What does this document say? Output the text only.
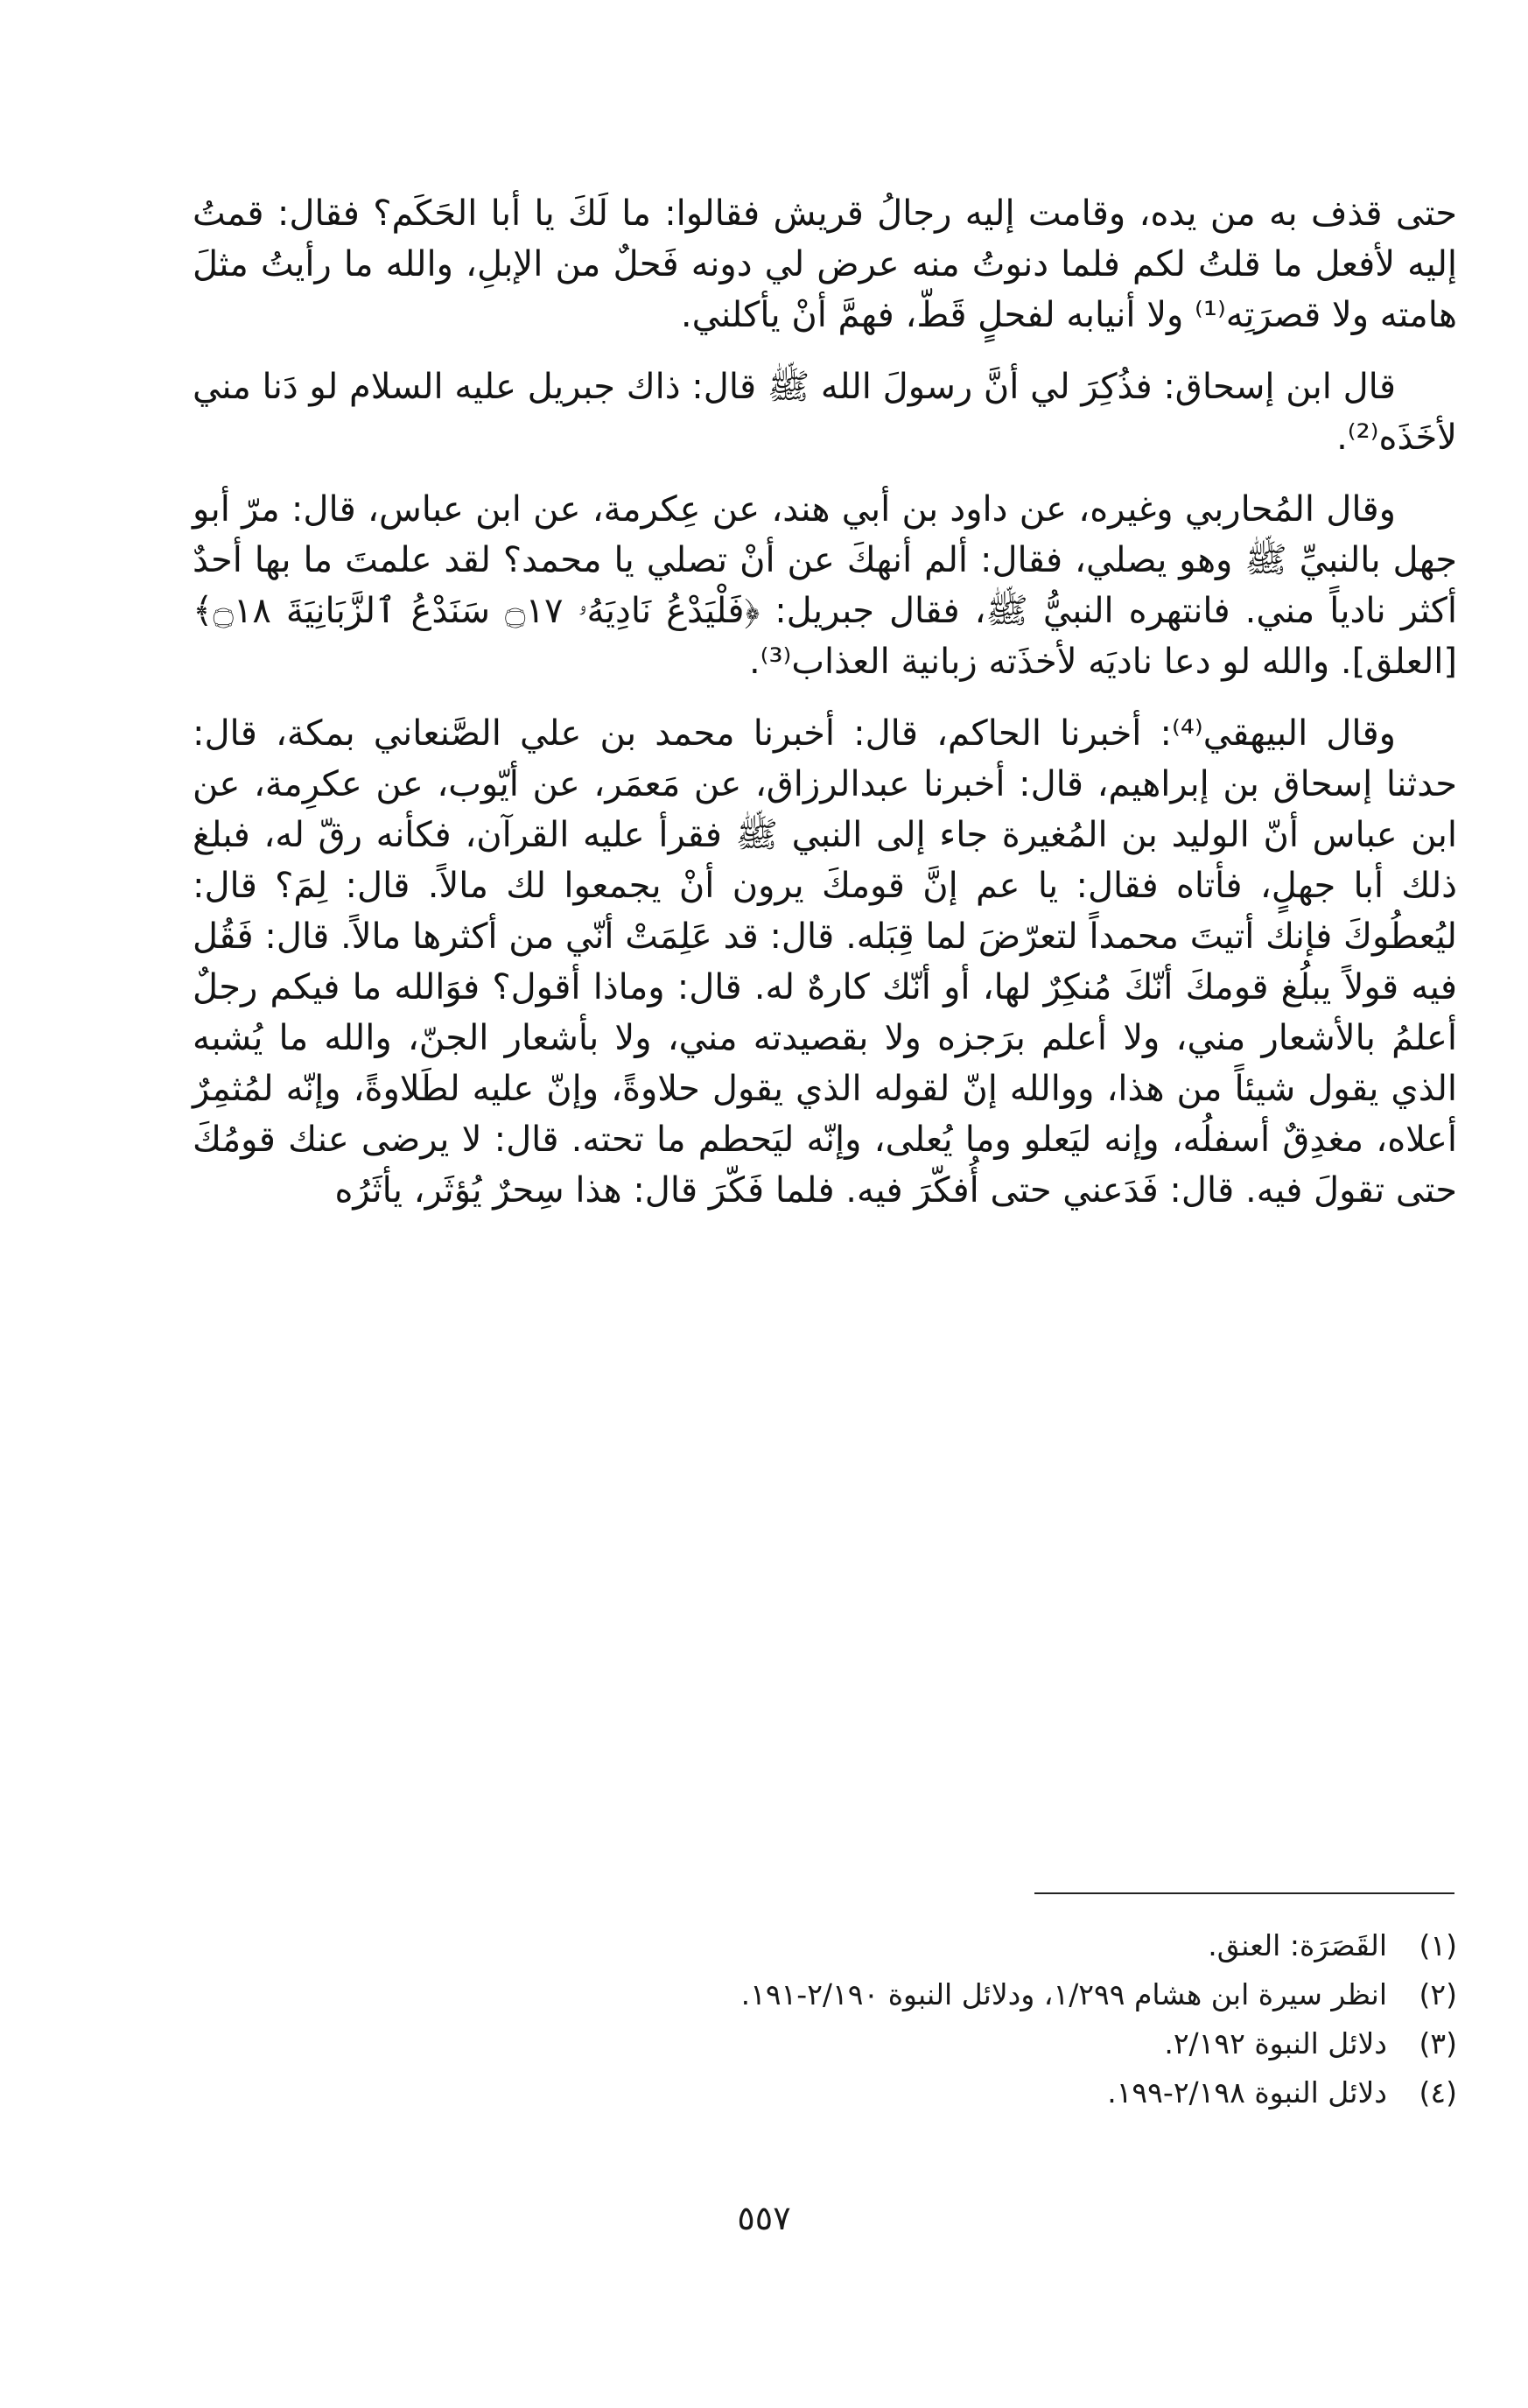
حتى قذف به من يده، وقامت إليه رجالُ قريش فقالوا: ما لَكَ يا أبا الحَكَم؟ فقال: قمتُ إليه لأفعل ما قلتُ لكم فلما دنوتُ منه عرض لي دونه فَحلٌ من الإبلِ، والله ما رأيتُ مثلَ هامته ولا قصرَتِه⁽¹⁾ ولا أنيابه لفحلٍ قَطّ، فهمَّ أنْ يأكلني.

قال ابن إسحاق: فذُكِرَ لي أنَّ رسولَ الله ﷺ قال: ذاك جبريل عليه السلام لو دَنا مني لأخَذَه⁽²⁾.

وقال المُحاربي وغيره، عن داود بن أبي هند، عن عِكرمة، عن ابن عباس، قال: مرّ أبو جهل بالنبيِّ ﷺ وهو يصلي، فقال: ألم أنهكَ عن أنْ تصلي يا محمد؟ لقد علمتَ ما بها أحدٌ أكثر نادياً مني. فانتهره النبيُّ ﷺ، فقال جبريل: ﴿فَلْيَدْعُ نَادِيَهُۥ ۝١٧ سَنَدْعُ ٱلزَّبَانِيَةَ ۝١٨﴾ [العلق]. والله لو دعا ناديَه لأخذَته زبانية العذاب⁽³⁾.

وقال البيهقي⁽⁴⁾: أخبرنا الحاكم، قال: أخبرنا محمد بن علي الصَّنعاني بمكة، قال: حدثنا إسحاق بن إبراهيم، قال: أخبرنا عبدالرزاق، عن مَعمَر، عن أيّوب، عن عكرِمة، عن ابن عباس أنّ الوليد بن المُغيرة جاء إلى النبي ﷺ فقرأ عليه القرآن، فكأنه رقّ له، فبلغ ذلك أبا جهلٍ، فأتاه فقال: يا عم إنَّ قومكَ يرون أنْ يجمعوا لك مالاً. قال: لِمَ؟ قال: ليُعطُوكَ فإنك أتيتَ محمداً لتعرّضَ لما قِبَله. قال: قد عَلِمَتْ أنّي من أكثرها مالاً. قال: فَقُل فيه قولاً يبلُغ قومكَ أنّكَ مُنكِرٌ لها، أو أنّك كارهٌ له. قال: وماذا أقول؟ فوَالله ما فيكم رجلٌ أعلمُ بالأشعار مني، ولا أعلم برَجزه ولا بقصيدته مني، ولا بأشعار الجنّ، والله ما يُشبه الذي يقول شيئاً من هذا، ووالله إنّ لقوله الذي يقول حلاوةً، وإنّ عليه لطَلاوةً، وإنّه لمُثمِرٌ أعلاه، مغدِقٌ أسفلُه، وإنه ليَعلو وما يُعلى، وإنّه ليَحطم ما تحته. قال: لا يرضى عنك قومُكَ حتى تقولَ فيه. قال: فَدَعني حتى أُفكّرَ فيه. فلما فَكّرَ قال: هذا سِحرٌ يُؤثَر، يأثَرُه

(١)
القَصَرَة: العنق.
(٢)
انظر سيرة ابن هشام ١/٢٩٩، ودلائل النبوة ٢/١٩٠-١٩١.
(٣)
دلائل النبوة ٢/١٩٢.
(٤)
دلائل النبوة ٢/١٩٨-١٩٩.
٥٥٧
